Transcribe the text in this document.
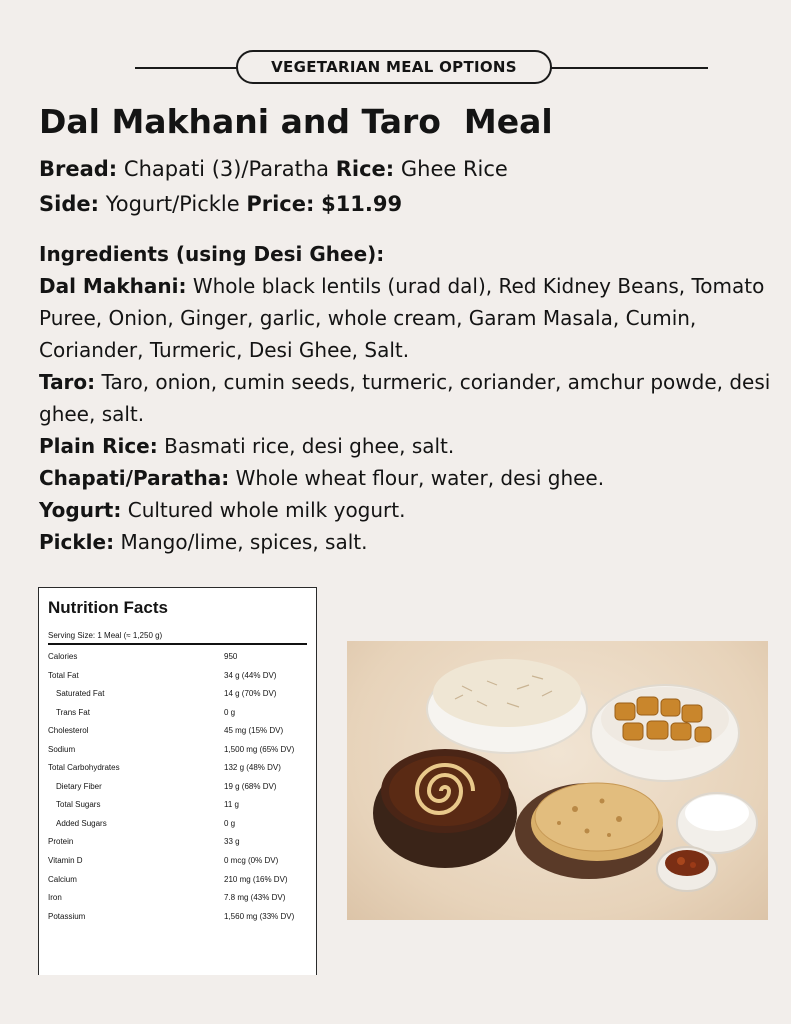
VEGETARIAN MEAL OPTIONS
Dal Makhani and Taro  Meal
Bread: Chapati (3)/Paratha Rice: Ghee Rice
Side: Yogurt/Pickle Price: $11.99
Ingredients (using Desi Ghee):
Dal Makhani: Whole black lentils (urad dal), Red Kidney Beans, Tomato Puree, Onion, Ginger, garlic, whole cream, Garam Masala, Cumin, Coriander, Turmeric, Desi Ghee, Salt.
Taro: Taro, onion, cumin seeds, turmeric, coriander, amchur powde, desi ghee, salt.
Plain Rice: Basmati rice, desi ghee, salt.
Chapati/Paratha: Whole wheat flour, water, desi ghee.
Yogurt: Cultured whole milk yogurt.
Pickle: Mango/lime, spices, salt.
Nutrition Facts
Serving Size: 1 Meal (≈ 1,250 g)
Calories	950
Total Fat	34 g (44% DV)
Saturated Fat	14 g (70% DV)
Trans Fat	0 g
Cholesterol	45 mg (15% DV)
Sodium	1,500 mg (65% DV)
Total Carbohydrates	132 g (48% DV)
Dietary Fiber	19 g (68% DV)
Total Sugars	11 g
Added Sugars	0 g
Protein	33 g
Vitamin D	0 mcg (0% DV)
Calcium	210 mg (16% DV)
Iron	7.8 mg (43% DV)
Potassium	1,560 mg (33% DV)
